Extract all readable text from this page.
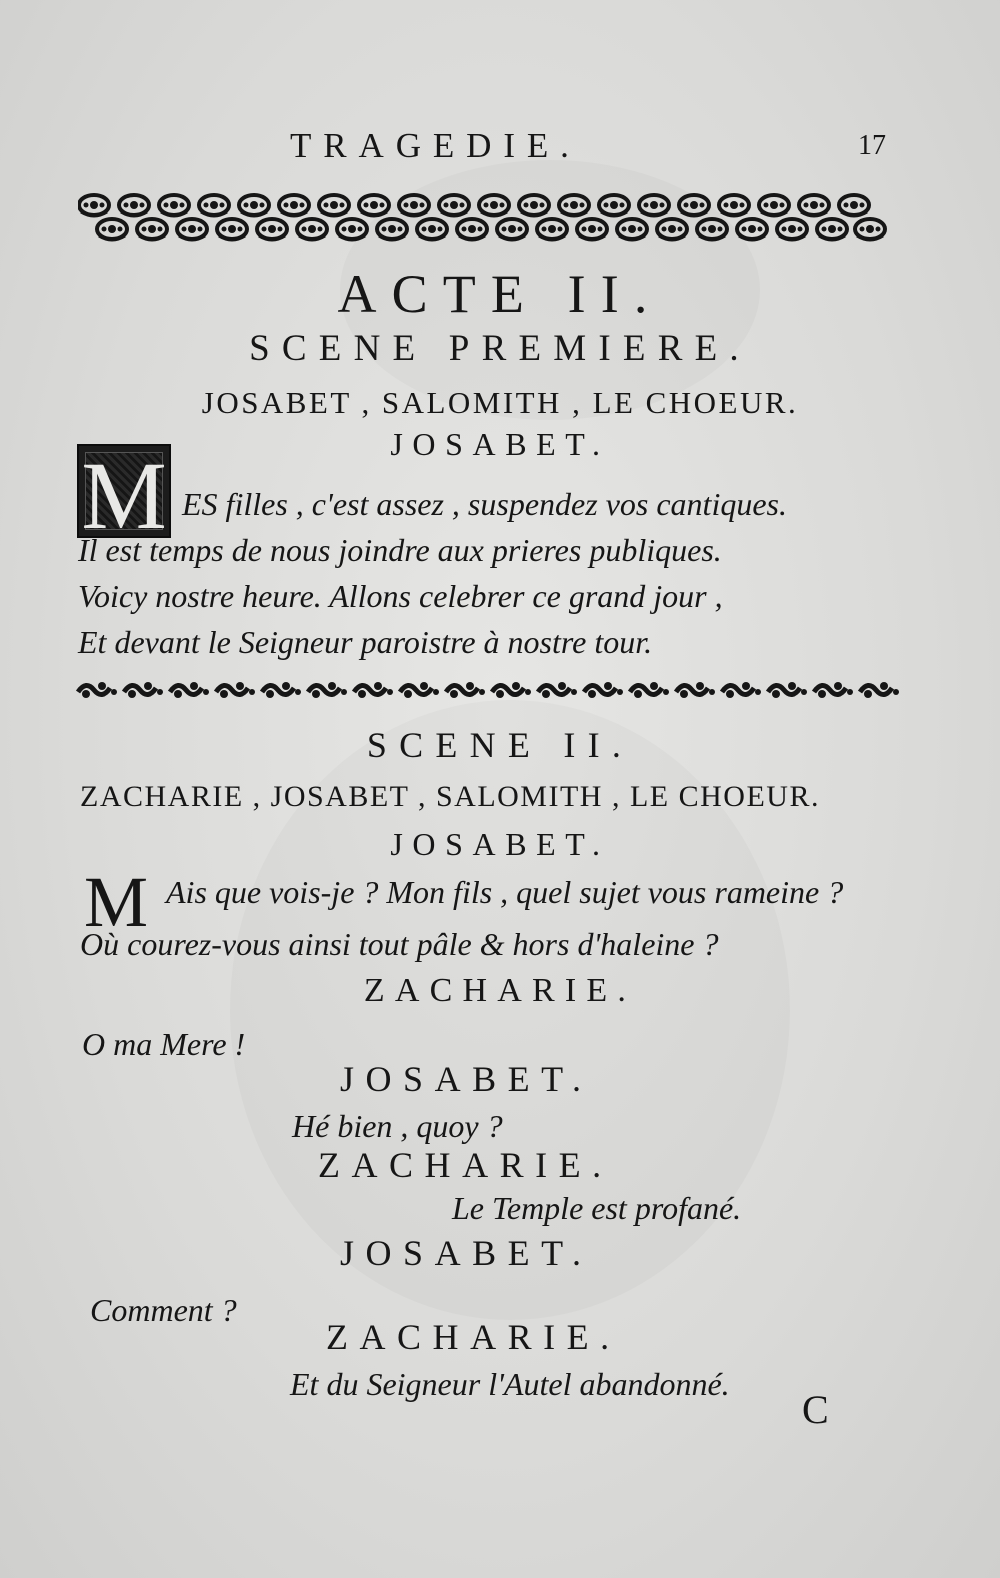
TRAGEDIE.	17
ACTE II.
SCENE PREMIERE.
JOSABET , SALOMITH , LE CHOEUR.
JOSABET.
M ES filles , c'est assez , suspendez vos cantiques.
Il est temps de nous joindre aux prieres publiques.
Voicy nostre heure. Allons celebrer ce grand jour ,
Et devant le Seigneur paroistre à nostre tour.
SCENE II.
ZACHARIE , JOSABET , SALOMITH , LE CHOEUR.
JOSABET.
M Ais que vois-je ? Mon fils , quel sujet vous rameine ?
Où courez-vous ainsi tout pâle & hors d'haleine ?
ZACHARIE.
O ma Mere !
JOSABET.
Hé bien , quoy ?
ZACHARIE.
Le Temple est profané.
JOSABET.
Comment ?
ZACHARIE.
Et du Seigneur l'Autel abandonné.
C
